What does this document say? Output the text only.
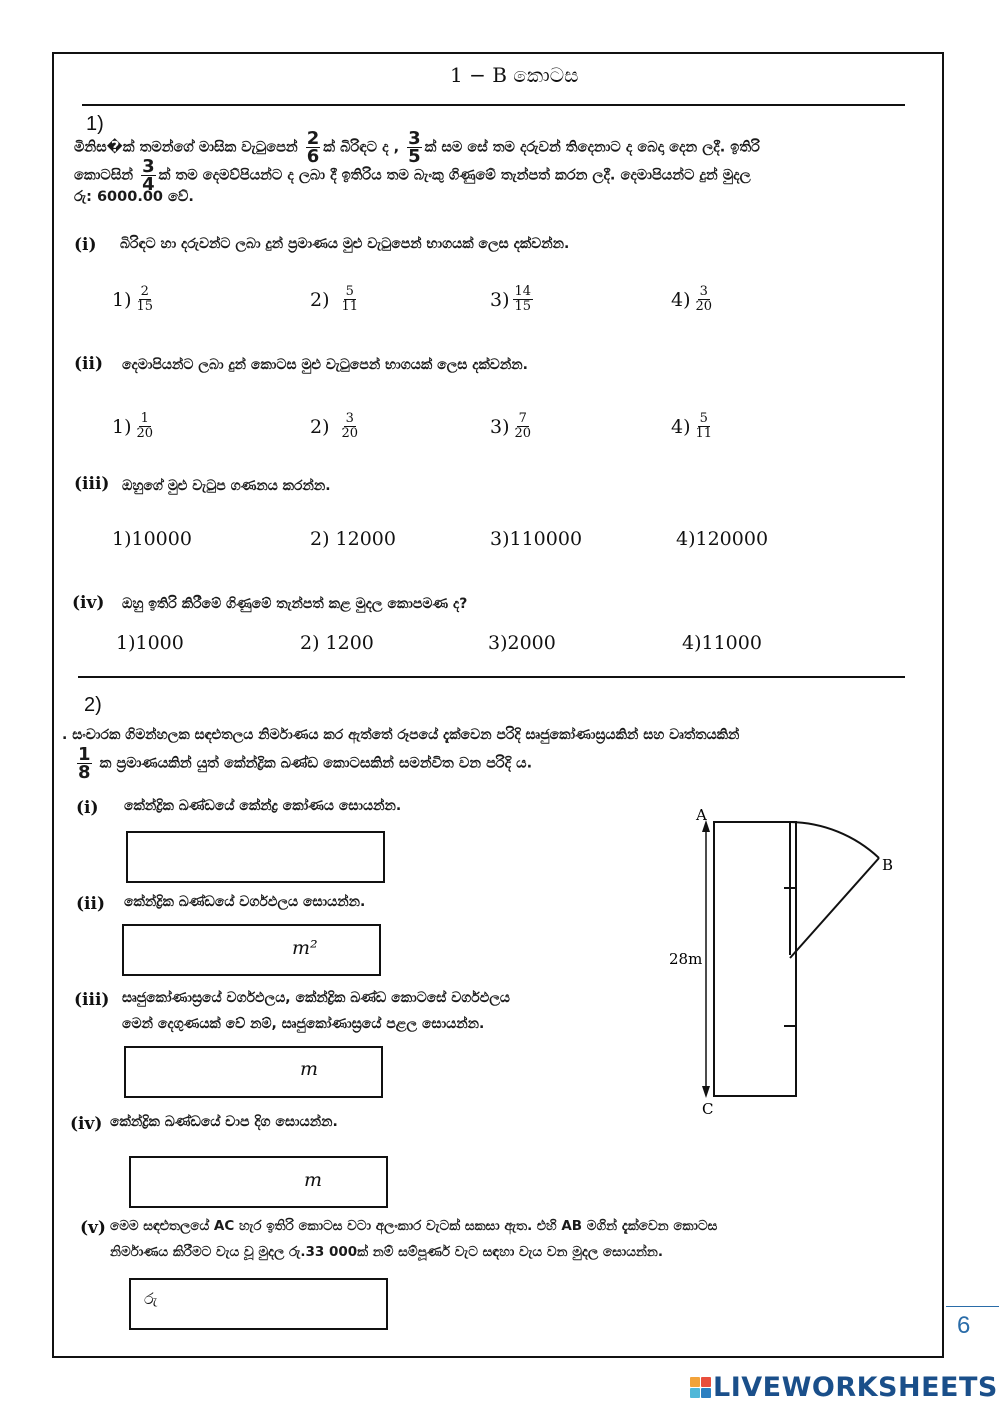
1 − B කොටස
1)
මිනිස�ක් තමන්ගේ මාසික වැටුපෙන් $\frac{2}{6}$ ක් බිරිඳට ද , $\frac{3}{5}$ ක් සම සේ තම දරුවන් තිදෙනාට ද බෙදා දෙන ලදී. ඉතිරි
කොටසින් $\frac{3}{4}$ ක් තම දෙමව්පියන්ට ද ලබා දී ඉතිරිය තම බැංකු ගිණුමේ තැන්පත් කරන ලදී. දෙමාපියන්ට දුන් මුදල
රු: 6000.00 වේ.
(i) බිරිඳට හා දරුවන්ට ලබා දුන් ප්‍රමාණය මුළු වැටුපෙන් භාගයක් ලෙස දක්වන්න.
$1) \frac{2}{15}$	$2) \frac{5}{11}$	$3) \frac{14}{15}$	$4) \frac{3}{20}$
(ii) දෙමාපියන්ට ලබා දුන් කොටස මුළු වැටුපෙන් භාගයක් ලෙස දක්වන්න.
$1) \frac{1}{20}$	$2) \frac{3}{20}$	$3) \frac{7}{20}$	$4) \frac{5}{11}$
(iii) ඔහුගේ මුළු වැටුප ගණනය කරන්න.
1)10000	2) 12000	3)110000	4)120000
(iv) ඔහු ඉතිරි කිරීමේ ගිණුමේ තැන්පත් කළ මුදල කොපමණ ද?
1)1000	2) 1200	3)2000	4)11000
2)
. සංචාරක ගිමන්හලක සඳළුතලය නිර්මාණය කර ඇත්තේ රූපයේ දැක්වෙන පරිදි සෘජුකෝණාස්‍රයකින් සහ වෘත්තයකින්
$\frac{1}{8}$ ක ප්‍රමාණයකින් යුත් කේන්ද්‍රික ඛණ්ඩ කොටසකින් සමන්විත වන පරිදි ය.
(i) කේන්ද්‍රික ඛණ්ඩයේ කේන්ද්‍ර කෝණය සොයන්න.
(ii) කේන්ද්‍රික ඛණ්ඩයේ වර්ගඵලය සොයන්න.
m²
(iii) සෘජුකෝණාස්‍රයේ වර්ගඵලය, කේන්ද්‍රික ඛණ්ඩ කොටසේ වර්ගඵලය
මෙන් දෙගුණයක් වේ නම්, සෘජුකෝණාස්‍රයේ පළල සොයන්න.
m
(iv) කේන්ද්‍රික ඛණ්ඩයේ චාප දිග සොයන්න.
m
(v) මෙම සඳළුතලයේ AC හැර ඉතිරි කොටස වටා අලංකාර වැටක් සකසා ඇත. එහි AB මගින් දැක්වෙන කොටස
නිර්මාණය කිරීමට වැය වූ මුදල රු.33 000ක් නම් සම්පූර්ණ වැට සඳහා වැය වන මුදල සොයන්න.
රු
A
B
C
28m
6
LIVEWORKSHEETS
